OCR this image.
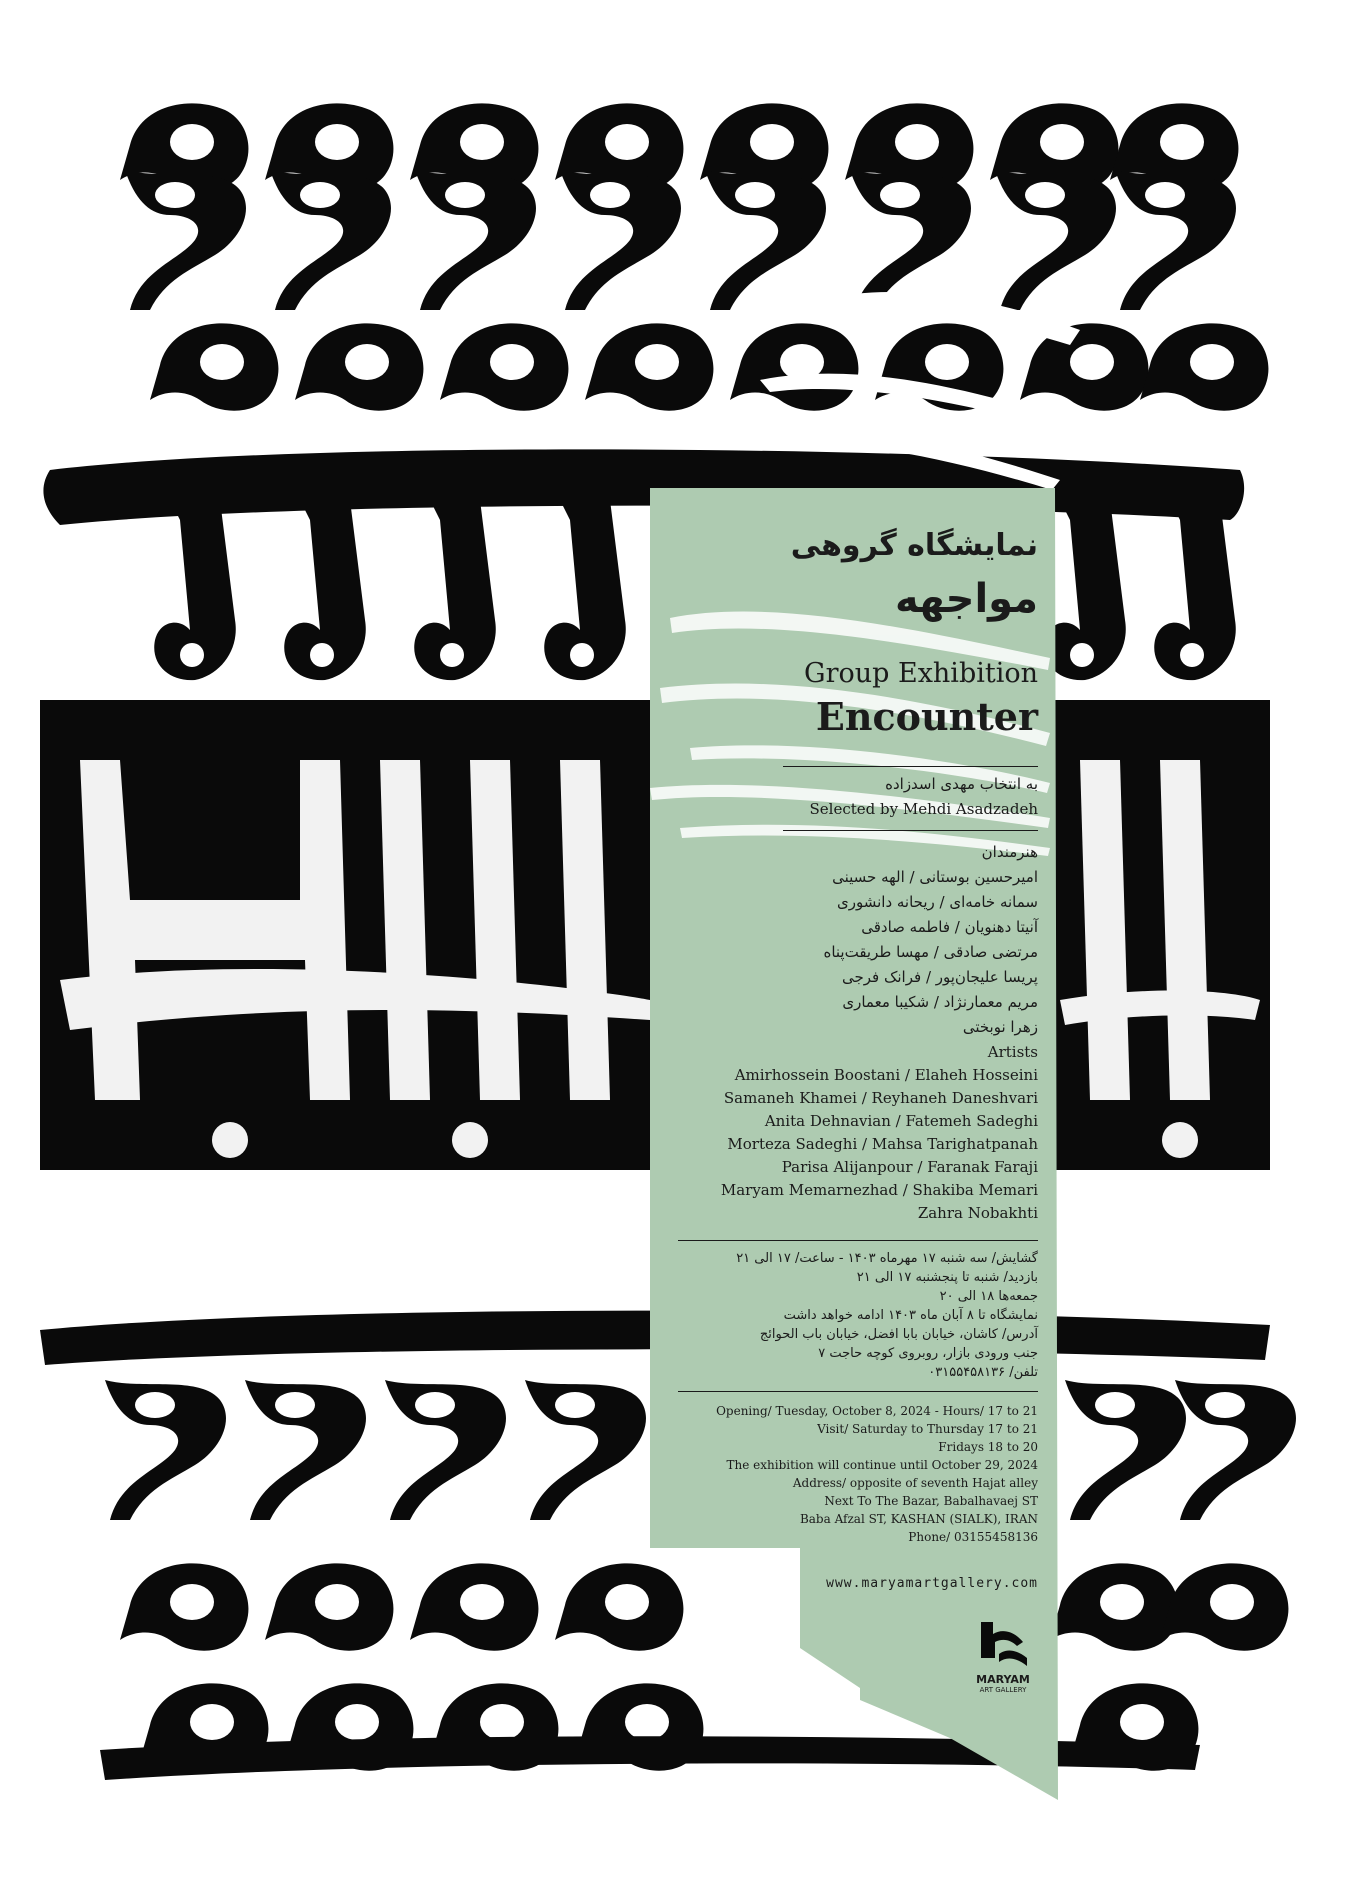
نمایشگاه گروهی
مواجهه
Group Exhibition
Encounter
به انتخاب مهدی اسدزاده
Selected by Mehdi Asadzadeh
هنرمندان
امیرحسین بوستانی / الهه حسینی
سمانه خامه‌ای / ریحانه دانشوری
آنیتا دهنویان / فاطمه صادقی
مرتضی صادقی / مهسا طریقت‌پناه
پریسا علیجان‌پور / فرانک فرجی
مریم معمارنژاد / شکیبا معماری
زهرا نوبختی
Artists
Amirhossein Boostani / Elaheh Hosseini
Samaneh Khamei / Reyhaneh Daneshvari
Anita Dehnavian / Fatemeh Sadeghi
Morteza Sadeghi / Mahsa Tarighatpanah
Parisa Alijanpour / Faranak Faraji
Maryam Memarnezhad / Shakiba Memari
Zahra Nobakhti
گشایش/ سه شنبه ۱۷ مهرماه ۱۴۰۳ - ساعت/ ۱۷ الی ۲۱
بازدید/ شنبه تا پنجشنبه ۱۷ الی ۲۱
جمعه‌ها ۱۸ الی ۲۰
نمایشگاه تا ۸ آبان ماه ۱۴۰۳ ادامه خواهد داشت
آدرس/ کاشان، خیابان بابا افضل، خیابان باب الحوائج
جنب ورودی بازار، روبروی کوچه حاجت ۷
تلفن/ ۰۳۱۵۵۴۵۸۱۳۶
Opening/ Tuesday, October 8, 2024 - Hours/ 17 to 21
Visit/ Saturday to Thursday 17 to 21
Fridays 18 to 20
The exhibition will continue until October 29, 2024
Address/ opposite of seventh Hajat alley
Next To The Bazar, Babalhavaej ST
Baba Afzal ST, KASHAN (SIALK), IRAN
Phone/ 03155458136
www.maryamartgallery.com
MARYAM
ART GALLERY
